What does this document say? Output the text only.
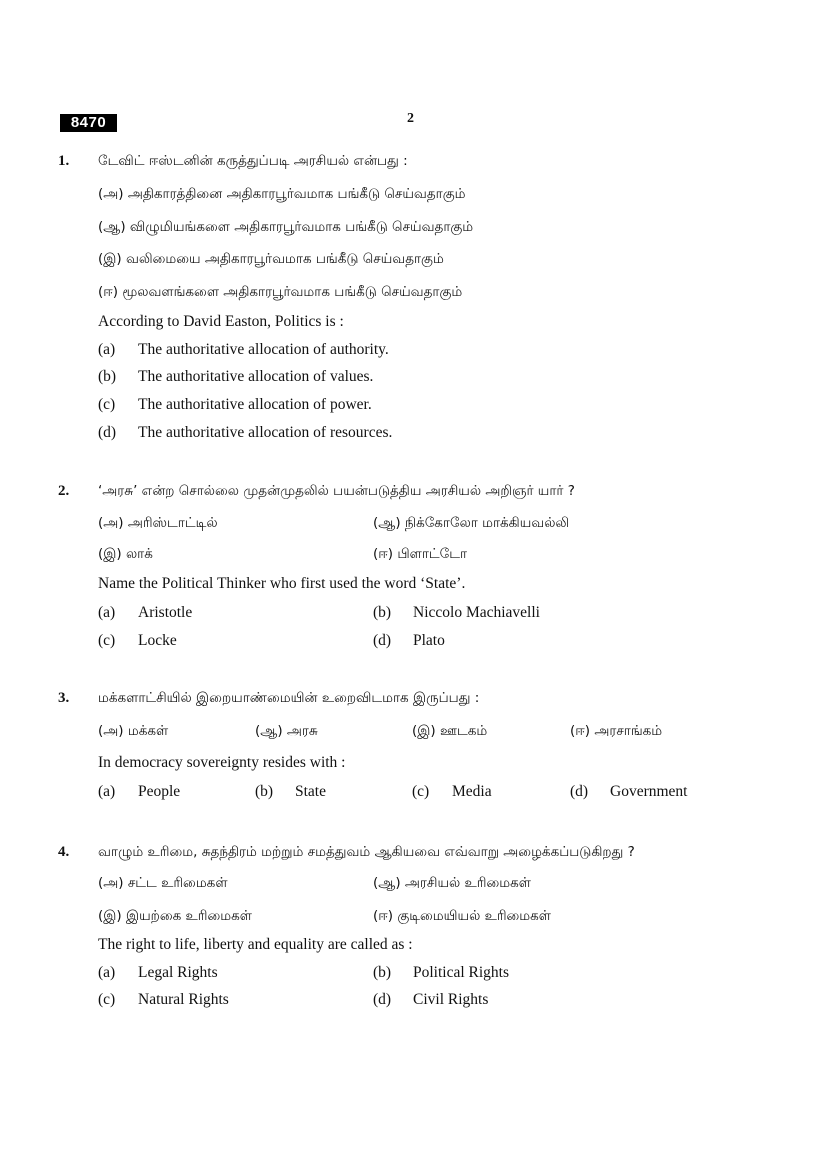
8470	2
1. டேவிட் ஈஸ்டனின் கருத்துப்படி அரசியல் என்பது :
(அ) அதிகாரத்தினை அதிகாரபூர்வமாக பங்கீடு செய்வதாகும்
(ஆ) விழுமியங்களை அதிகாரபூர்வமாக பங்கீடு செய்வதாகும்
(இ) வலிமையை அதிகாரபூர்வமாக பங்கீடு செய்வதாகும்
(ஈ) மூலவளங்களை அதிகாரபூர்வமாக பங்கீடு செய்வதாகும்
According to David Easton, Politics is :
(a) The authoritative allocation of authority.
(b) The authoritative allocation of values.
(c) The authoritative allocation of power.
(d) The authoritative allocation of resources.
2. ‘அரசு’ என்ற சொல்லை முதன்முதலில் பயன்படுத்திய அரசியல் அறிஞர் யார் ?
(அ) அரிஸ்டாட்டில்	(ஆ) நிக்கோலோ மாக்கியவல்லி
(இ) லாக்	(ஈ) பிளாட்டோ
Name the Political Thinker who first used the word ‘State’.
(a) Aristotle	(b) Niccolo Machiavelli
(c) Locke	(d) Plato
3. மக்களாட்சியில் இறையாண்மையின் உறைவிடமாக இருப்பது :
(அ) மக்கள்	(ஆ) அரசு	(இ) ஊடகம்	(ஈ) அரசாங்கம்
In democracy sovereignty resides with :
(a) People	(b) State	(c) Media	(d) Government
4. வாழும் உரிமை, சுதந்திரம் மற்றும் சமத்துவம் ஆகியவை எவ்வாறு அழைக்கப்படுகிறது ?
(அ) சட்ட உரிமைகள்	(ஆ) அரசியல் உரிமைகள்
(இ) இயற்கை உரிமைகள்	(ஈ) குடிமையியல் உரிமைகள்
The right to life, liberty and equality are called as :
(a) Legal Rights	(b) Political Rights
(c) Natural Rights	(d) Civil Rights
